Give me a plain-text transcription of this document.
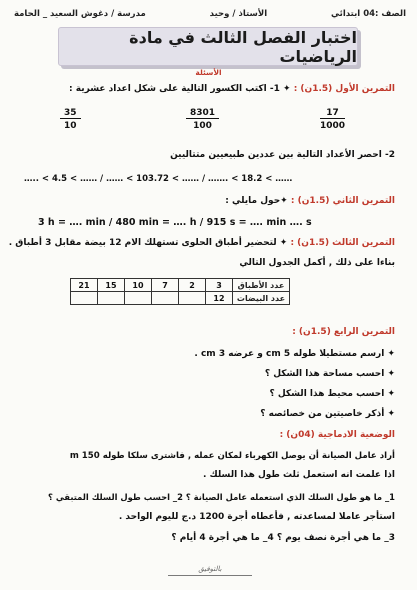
الصف :04 ابتدائي
الأستاذ / وحيد
مدرسة / دغوش السعيد _ الحامة
اختبار الفصل الثالث في مادة الرياضيات
الأسئلة
التمرين الأول (1.5ن) : ✦ 1- اكتب الكسور التالية على شكل اعداد عشرية :
$\frac{17}{1000}$
$\frac{8301}{100}$
$\frac{35}{10}$
2- احصر الأعداد التالية بين عددين طبيعيين متتاليين
….. < 4.5 < …… / …… < 103.72 < …… / ……. < 18.2 < ……
التمرين الثاني (1.5ن) : ✦حول مايلي :
3 h = …. min / 480 min = …. h / 915 s = …. min …. s
التمرين الثالث (1.5ن) : ✦ لتحضير أطباق الحلوى تستهلك الام 12 بيضة مقابل 3 أطباق .
بناءا على ذلك , أكمل الجدول التالي
عدد الأطباق	3	2	7	10	15	21
عدد البيضات	12					
التمرين الرابع (1.5ن) :
✦ ارسم مستطيلا طوله 5 cm و عرضه 3 cm .
✦ احسب مساحة هذا الشكل ؟
✦ احسب محيط هذا الشكل ؟
✦ أذكر خاصيتين من خصائصه ؟
الوضعية الادماجية (04ن) :
أراد عامل الصيانة أن يوصل الكهرباء لمكان عمله , فاشترى سلكا طوله 150 m
اذا علمت انه استعمل ثلث طول هذا السلك .
1_ ما هو طول السلك الذي استعمله عامل الصيانة ؟ 2_ احسب طول السلك المتبقي ؟
استأجر عاملا لمساعدته , فأعطاه أجرة 1200 د.ج لليوم الواحد .
3_ ما هي أجرة نصف يوم ؟ 4_ ما هي أجرة 4 أيام ؟
بالتوفيق
